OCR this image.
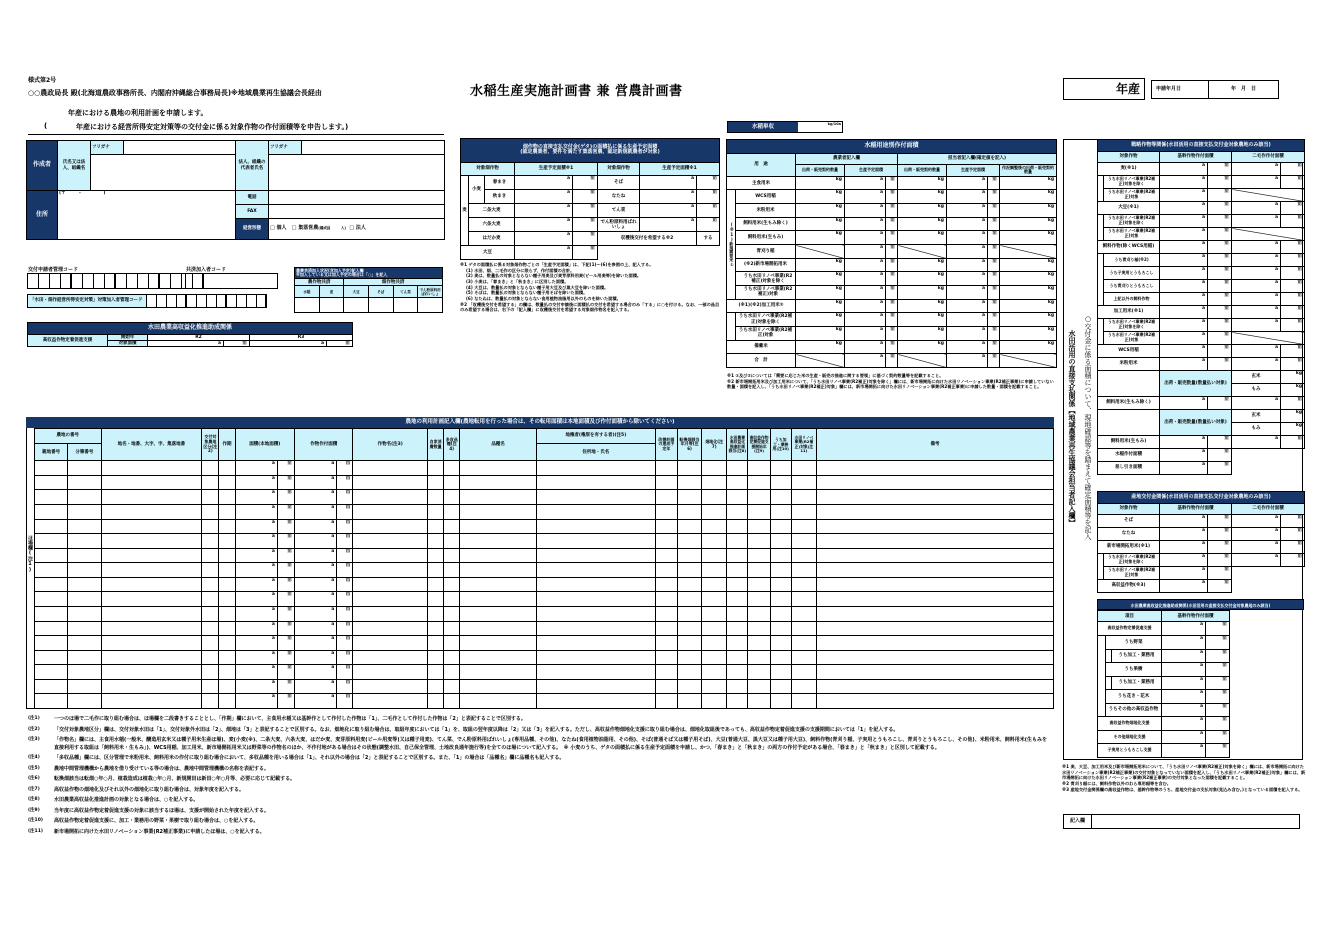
様式第2号
○○農政局長 殿(北海道農政事務所長、内閣府沖縄総合事務局長)※地域農業再生協議会長経由
年産における農地の利用計画を申請します。
(	年産における経営所得安定対策等の交付金に係る対象作物の作付面積等を申告します。)
水稲生産実施計画書 兼 営農計画書	年産	申請年月日	年　月　日
作成者	氏名又は法人、組織名	フリガナ		法人、組織の代表者氏名	フリガナ	

住所	(〒　　　-　　　　　)			電話		
				FAX		
				経営形態	□ 個人 □ 集落営農(構成員　　　人) □ 法人	
交付申請者管理コード	共済加入者コード
「水田・畑作経営所得安定対策」対策加入者管理コード
農業共済加入状況(含加入予定)記入欄
※加入している又は加入予定の場合は「○」を記入					
農作物共済		畑作物共済			
水稲	麦	大豆	そば	てん菜	でん粉原料用ばれいしょ

水田農業高収益化推進助成関係					
高収益作物定着促進支援	開始年	R2		R3	
	対象面積	a	㎡	a	㎡
畑作物の直接支払交付金(ゲタ)の面積払に係る生産予定面積
(認定農業者、要件を満たす集落営農、認定新規就農者が対象)							
対象畑作物			生産予定面積※1		対象畑作物	生産予定面積※1	
麦	小麦	春まき	a	㎡	そば	a	㎡
		秋まき	a	㎡	なたね	a	㎡
	二条大麦		a	㎡	てん菜	a	㎡
	六条大麦		a	㎡	でん粉原料用ばれいしょ	a	㎡
	はだか麦		a	㎡	収穫後交付を希望する※2		する
大豆			a	㎡			
※1 ゲタの面積払に係る対象畑作物ごとの「生産予定面積」は、下記(1)～(6)を参照の上、記入する。
(1) 水田、畑、二毛作の区分に限らず、作付面積の合計。
(2) 麦は、数量払の対象とならない種子用麦及び麦芽原料用麦(ビール用麦等)を除いた面積。
(3) 小麦は、「春まき」と「秋まき」に区別した面積。
(4) 大豆は、数量払の対象とならない種子用大豆及び黒大豆を除いた面積。
(5) そばは、数量払の対象とならない種子用そばを除いた面積。
(6) なたねは、数量払の対象とならない食用植物油脂用以外のものを除いた面積。
※2 「収穫後交付を希望する」の欄は、数量払の交付申請後に面積払の交付を希望する場合のみ「する」に○を付ける。なお、一部の品目のみ希望する場合は、右下の「記入欄」に収穫後交付を希望する対象畑作物名を記入する。
水稲単収	kg/10a
水稲用途別作付面積								
用　途		農業者記入欄			担当者記入欄(確定値を記入)			
		出荷・販売契約数量	生産予定面積		出荷・販売契約数量	生産予定面積		作況調整後の出荷・販売契約数量
主食用米		kg	a	㎡	kg	a	㎡	kg
(※1)新規需要米①	WCS用稲	kg	a	㎡	kg	a	㎡	kg
	米粉用米	kg	a	㎡	kg	a	㎡	kg
	飼料用米(生もみ除く)	kg	a	㎡	kg	a	㎡	kg
	飼料用米(生もみ)	kg	a	㎡	kg	a	㎡	kg
	青刈り稲		a	㎡		a	㎡	
	(※2)新市場開拓用米	kg	a	㎡	kg	a	㎡	kg
	うち水田リノベ事業(R2補正)対象を除く	kg	a	㎡	kg	a	㎡	kg
	うち水田リノベ事業(R2補正)対象	kg	a	㎡	kg	a	㎡	kg
(※1)(※2)加工用米②		kg	a	㎡	kg	a	㎡	kg
	うち水田リノベ事業(R2補正)対象を除く	kg	a	㎡	kg	a	㎡	kg
	うち水田リノベ事業(R2補正)対象	kg	a	㎡	kg	a	㎡	kg
備蓄米		kg	a	㎡	kg	a	㎡	kg
合　計			a	㎡		a	㎡	
※1 ①及び②については「需要に応じた米の生産・販売の推進に関する要領」に基づく契約数量等を記載すること。
※2 新市場開拓用米及び加工用米について、「うち水田リノベ事業(R2補正)対象を除く」欄には、新市場開拓に向けた水田リノベーション事業(R2補正事業)に申請していない数量・面積を記入し、「うち水田リノベ事業(R2補正)対象」欄には、新市場開拓に向けた水田リノベーション事業(R2補正事業)に申請した数量・面積を記載すること。	水田活用の直接支払関係【地域農業再生協議会担当者記入欄】 ○交付金に係る面積について、現地確認等を踏まえて確定面積等を記入
戦略作物等関係(水田活用の直接支払交付金対象農地のみ該当)					
対象作物		基幹作物作付面積		二毛作作付面積	
麦(※1)		a	㎡	a	㎡
	うち水田リノベ事業(R2補正)対象を除く	a	㎡	a	㎡
	うち水田リノベ事業(R2補正)対象	a	㎡		
大豆(※1)		a	㎡	a	㎡
	うち水田リノベ事業(R2補正)対象を除く	a	㎡	a	㎡
	うち水田リノベ事業(R2補正)対象	a	㎡		
飼料作物(除くWCS用稲)		a	㎡	a	㎡
	うち青刈り稲(※2)	a	㎡	a	㎡
	うち子実用とうもろこし	a	㎡	a	㎡
	うち青刈りとうもろこし	a	㎡	a	㎡
	上記以外の飼料作物	a	㎡	a	㎡
加工用米(※1)		a	㎡	a	㎡
	うち水田リノベ事業(R2補正)対象を除く	a	㎡	a	㎡
	うち水田リノベ事業(R2補正)対象	a	㎡		
WCS用稲		a	㎡	a	㎡
米粉用米		a	㎡	a	㎡
		出荷・販売数量(数量払い対象)		玄米	kg
				もみ	kg
飼料用米(生もみ除く)		a	㎡	a	㎡
		出荷・販売数量(数量払い対象)		玄米	kg
				もみ	kg
飼料用米(生もみ)		a	㎡	a	㎡
水稲作付面積		a	㎡		
差し引き面積		a	㎡		
産地交付金関係(水田活用の直接支払交付金対象農地のみ該当)					
対象作物		基幹作物作付面積		二毛作作付面積	
そば		a	㎡	a	㎡
なたね		a	㎡	a	㎡
新市場開拓用米(※1)		a	㎡	a	㎡
	うち水田リノベ事業(R2補正)対象を除く	a	㎡	a	㎡
	うち水田リノベ事業(R2補正)対象	a	㎡		
高収益作物(※3)		a	㎡		
水田農業高収益化推進助成関係(水田活用の直接支払交付金対象農地のみ該当)
項目			基幹作物作付面積	
高収益作物定着促進支援			a	㎡
	うち野菜		a	㎡
		うち加工・業務用	a	㎡
	うち果樹		a	㎡
		うち加工・業務用	a	㎡
	うち花き・花木		a	㎡
	うちその他の高収益作物		a	㎡
高収益作物畑地化支援			a	㎡
その他畑地化支援			a	㎡
子実用とうもろこし支援			a	㎡
※1 麦、大豆、加工用米及び新市場開拓用米について、「うち水田リノベ事業(R2補正)対象を除く」欄には、新市場開拓に向けた水田リノベーション事業(R2補正事業)の交付対象となっていない面積を記入し、「うち水田リノベ事業(R2補正)対象」欄には、新市場開拓に向けた水田リノベーション事業(R2補正事業)の交付対象となった面積を記載すること。
※2 青刈り稲には、飼料作物以外のわら専用稲等を含む。
※3 産地交付金関係欄の高収益作物は、基幹作物等のうち、産地交付金の支払対象(見込み含む。)となっている面積を記入する。
記入欄
農地の利用計画記入欄(農地転用を行った場合は、その転用面積は本地面積及び作付面積から除いてください)
ほ場欄(注1)
農地の番号		地名・地番、大字、字、集落地番	交付対象農地区分(注2)	作期	面積(本地面積)		作物作付面積		作物名(注3)	自家消費数量	多収品種(注4)	品種名	地権者(権原を有する者)(注5)	改善計画の達成予定年	転換畑該当年月等(注6)	畑地化(注7)	水田農業高収益化推進計画該当(注8)	高収益作物定着促進支援開始年(注9)	うち加工・業務用(注10)	水田リノベ事業(R2補正)対象(注11)	備考
親地番号	分筆番号												住所地・氏名								
					a	㎡	a	㎡													
					a	㎡	a	㎡													
					a	㎡	a	㎡													
					a	㎡	a	㎡													
					a	㎡	a	㎡													
					a	㎡	a	㎡													
					a	㎡	a	㎡													
					a	㎡	a	㎡													
					a	㎡	a	㎡													
					a	㎡	a	㎡													
					a	㎡	a	㎡													
					a	㎡	a	㎡													
					a	㎡	a	㎡													
					a	㎡	a	㎡													
					a	㎡	a	㎡													
					a	㎡	a	㎡													
					a	㎡	a	㎡													
(注1)	一つのほ場で二毛作に取り組む場合は、ほ場欄を二段書きすることとし、「作期」欄において、主食用水稲又は基幹作として作付した作物は「1」、二毛作として作付した作物は「2」と表記することで区別する。
(注2)	「交付対象農地区分」欄は、交付対象水田は「1」、交付対象外水田は「2」、畑地は「3」と表記することで区別する。なお、畑地化に取り組む場合は、取組年度においては「1」を、取組の翌年度以降は「2」又は「3」を記入する。ただし、高収益作物畑地化支援に取り組む場合は、畑地化取組後であっても、高収益作物定着促進支援の支援期間においては「1」を記入する。
(注3)	「作物名」欄には、主食用水稲(一般米、醸造用玄米又は種子用米生産ほ場)、麦(小麦(※)、二条大麦、六条大麦、はだか麦、麦芽原料用麦(ビール用麦等)又は種子用麦)、てん菜、でん粉原料用ばれいしょ(専用品種、その他)、なたね(食用植物油脂用、その他)、そば(普通そば又は種子用そば)、大豆(普通大豆、黒大豆又は種子用大豆)、飼料作物(青刈り稲、子実用とうもろこし、青刈りとうもろこし、その他)、米粉用米、飼料用米(生もみを直接利用する取組は「飼料用米・生もみ」)、WCS用稲、加工用米、新市場開拓用米又は野菜等の作物名のほか、不作付地がある場合はその状態(調整水田、自己保全管理、土地改良通年施行等)を全てのほ場について記入する。　※ 小麦のうち、ゲタの面積払に係る生産予定面積を申請し、かつ、「春まき」と「秋まき」の両方の作付予定がある場合、「春まき」と「秋まき」と区別して記載する。
(注4)	「多収品種」欄には、区分管理で米粉用米、飼料用米の作付に取り組む場合において、多収品種を用いる場合は「1」、それ以外の場合は「2」と表記することで区別する。また、「1」の場合は「品種名」欄に品種名も記入する。
(注5)	農地中間管理機構から農地を借り受けている等の場合は、農地中間管理機構の名称を表記する。
(注6)	転換畑該当は転畑○年○月、植栽造成は植栽○年○月、新規開田は新田○年○月等、必要に応じて記載する。
(注7)	高収益作物の畑地化及びそれ以外の畑地化に取り組む場合は、対象年度を記入する。
(注8)	水田農業高収益化推進計画の対象となる場合は、○を記入する。
(注9)	当年度に高収益作物定着促進支援の対象に該当するほ場は、支援が開始された年度を記入する。
(注10)	高収益作物定着促進支援に、加工・業務用の野菜・果樹で取り組む場合は、○を記入する。
(注11)	新市場開拓に向けた水田リノベーション事業(R2補正事業)に申請したほ場は、○を記入する。
